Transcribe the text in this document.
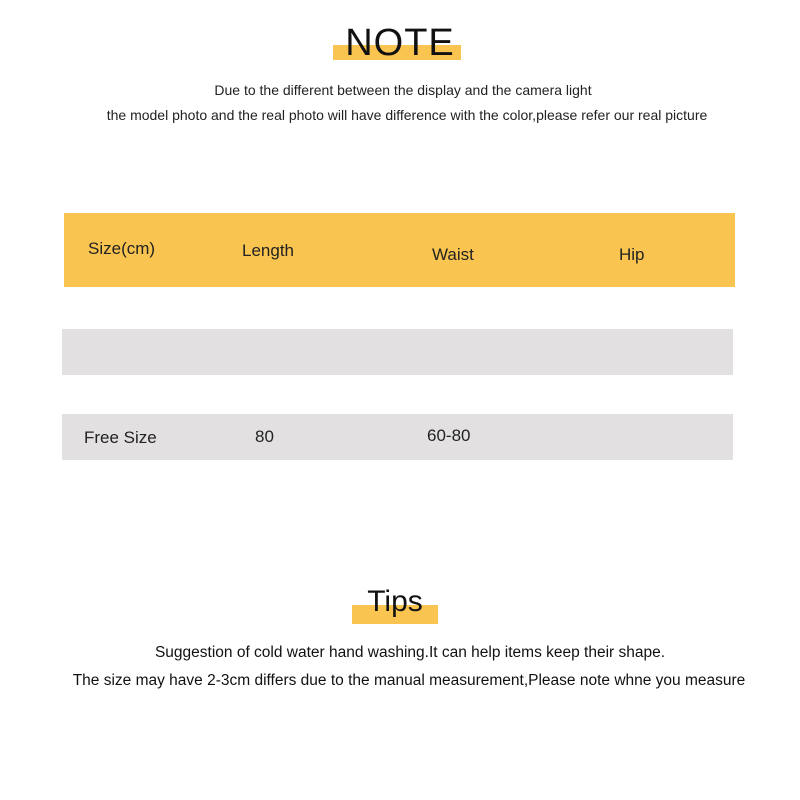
NOTE
Due to the different between the display and the camera light
the model photo and the real photo will have difference with the color,please refer our real picture
Size(cm)	Length	Waist	Hip
Free Size	80	60-80
Tips
Suggestion of cold water hand washing.It can help items keep their shape.
The size may have 2-3cm differs due to the manual measurement,Please note whne you measure
